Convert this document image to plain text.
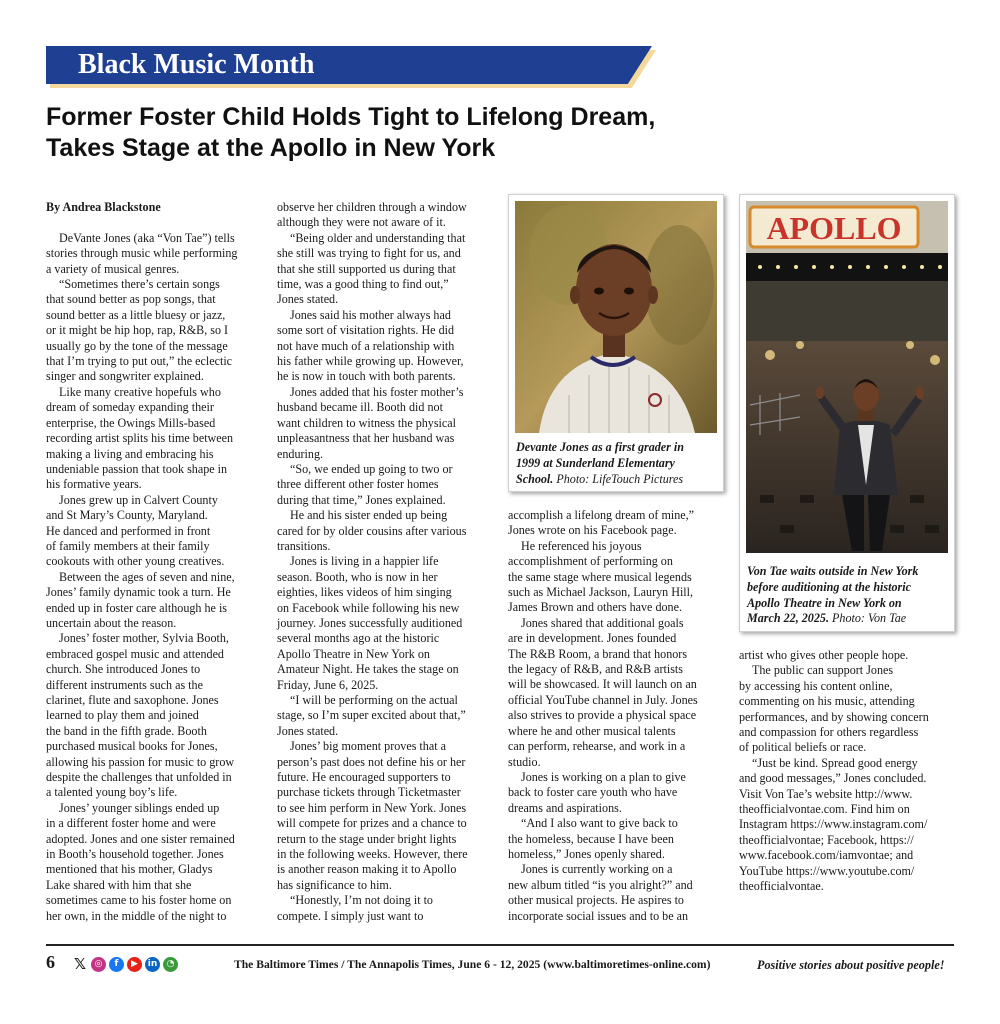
Black Music Month
Former Foster Child Holds Tight to Lifelong Dream,
Takes Stage at the Apollo in New York

By Andrea Blackstone

DeVante Jones (aka “Von Tae”) tells

stories through music while performing

a variety of musical genres.

“Sometimes there’s certain songs

that sound better as pop songs, that

sound better as a little bluesy or jazz,

or it might be hip hop, rap, R&B, so I

usually go by the tone of the message

that I’m trying to put out,” the eclectic

singer and songwriter explained.

Like many creative hopefuls who

dream of someday expanding their

enterprise, the Owings Mills-based

recording artist splits his time between

making a living and embracing his

undeniable passion that took shape in

his formative years.

Jones grew up in Calvert County

and St Mary’s County, Maryland.

He danced and performed in front

of family members at their family

cookouts with other young creatives.

Between the ages of seven and nine,

Jones’ family dynamic took a turn. He

ended up in foster care although he is

uncertain about the reason.

Jones’ foster mother, Sylvia Booth,

embraced gospel music and attended

church. She introduced Jones to

different instruments such as the

clarinet, flute and saxophone. Jones

learned to play them and joined

the band in the fifth grade. Booth

purchased musical books for Jones,

allowing his passion for music to grow

despite the challenges that unfolded in

a talented young boy’s life.

Jones’ younger siblings ended up

in a different foster home and were

adopted. Jones and one sister remained

in Booth’s household together. Jones

mentioned that his mother, Gladys

Lake shared with him that she

sometimes came to his foster home on

her own, in the middle of the night to

observe her children through a window

although they were not aware of it.

“Being older and understanding that

she still was trying to fight for us, and

that she still supported us during that

time, was a good thing to find out,”

Jones stated.

Jones said his mother always had

some sort of visitation rights. He did

not have much of a relationship with

his father while growing up. However,

he is now in touch with both parents.

Jones added that his foster mother’s

husband became ill. Booth did not

want children to witness the physical

unpleasantness that her husband was

enduring.

“So, we ended up going to two or

three different other foster homes

during that time,” Jones explained.

He and his sister ended up being

cared for by older cousins after various

transitions.

Jones is living in a happier life

season. Booth, who is now in her

eighties, likes videos of him singing

on Facebook while following his new

journey. Jones successfully auditioned

several months ago at the historic

Apollo Theatre in New York on

Amateur Night. He takes the stage on

Friday, June 6, 2025.

“I will be performing on the actual

stage, so I’m super excited about that,”

Jones stated.

Jones’ big moment proves that a

person’s past does not define his or her

future. He encouraged supporters to

purchase tickets through Ticketmaster

to see him perform in New York. Jones

will compete for prizes and a chance to

return to the stage under bright lights

in the following weeks. However, there

is another reason making it to Apollo

has significance to him.

“Honestly, I’m not doing it to

compete. I simply just want to

Devante Jones as a first grader in
1999 at Sunderland Elementary
School. Photo: LifeTouch Pictures

accomplish a lifelong dream of mine,”

Jones wrote on his Facebook page.

He referenced his joyous

accomplishment of performing on

the same stage where musical legends

such as Michael Jackson, Lauryn Hill,

James Brown and others have done.

Jones shared that additional goals

are in development. Jones founded

The R&B Room, a brand that honors

the legacy of R&B, and R&B artists

will be showcased. It will launch on an

official YouTube channel in July. Jones

also strives to provide a physical space

where he and other musical talents

can perform, rehearse, and work in a

studio.

Jones is working on a plan to give

back to foster care youth who have

dreams and aspirations.

“And I also want to give back to

the homeless, because I have been

homeless,” Jones openly shared.

Jones is currently working on a

new album titled “is you alright?” and

other musical projects. He aspires to

incorporate social issues and to be an

APOLLO
Von Tae waits outside in New York
before auditioning at the historic
Apollo Theatre in New York on
March 22, 2025. Photo: Von Tae

artist who gives other people hope.

The public can support Jones

by accessing his content online,

commenting on his music, attending

performances, and by showing concern

and compassion for others regardless

of political beliefs or race.

“Just be kind. Spread good energy

and good messages,” Jones concluded.

Visit Von Tae’s website http://www.

theofficialvontae.com. Find him on

Instagram https://www.instagram.com/

theofficialvontae; Facebook, https://

www.facebook.com/iamvontae; and

YouTube https://www.youtube.com/

theofficialvontae.

6 𝕏 ◎	f	▶	in	◔	The Baltimore Times / The Annapolis Times, June 6 - 12, 2025 (www.baltimoretimes-online.com)	Positive stories about positive people!
